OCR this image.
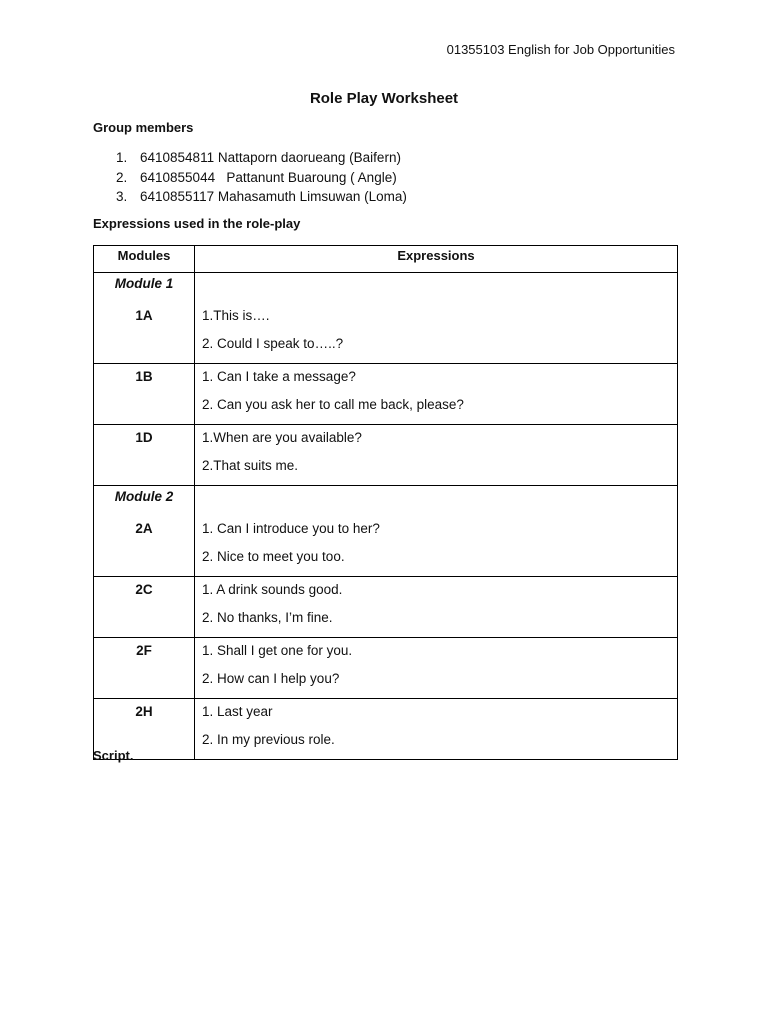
01355103 English for Job Opportunities
Role Play Worksheet
Group members
1. 6410854811 Nattaporn daorueang (Baifern)
2. 6410855044   Pattanunt Buaroung ( Angle)
3. 6410855117 Mahasamuth Limsuwan (Loma)
Expressions used in the role-play
Modules	Expressions

Module 1
1A	1.This is….
2. Could I speak to…..?

1B	1. Can I take a message?
2. Can you ask her to call me back, please?

1D	1.When are you available?
2.That suits me.

Module 2
2A	1. Can I introduce you to her?
2. Nice to meet you too.

2C	1. A drink sounds good.
2. No thanks, I’m fine.

2F	1. Shall I get one for you.
2. How can I help you?

2H	1. Last year
2. In my previous role.
Script.
